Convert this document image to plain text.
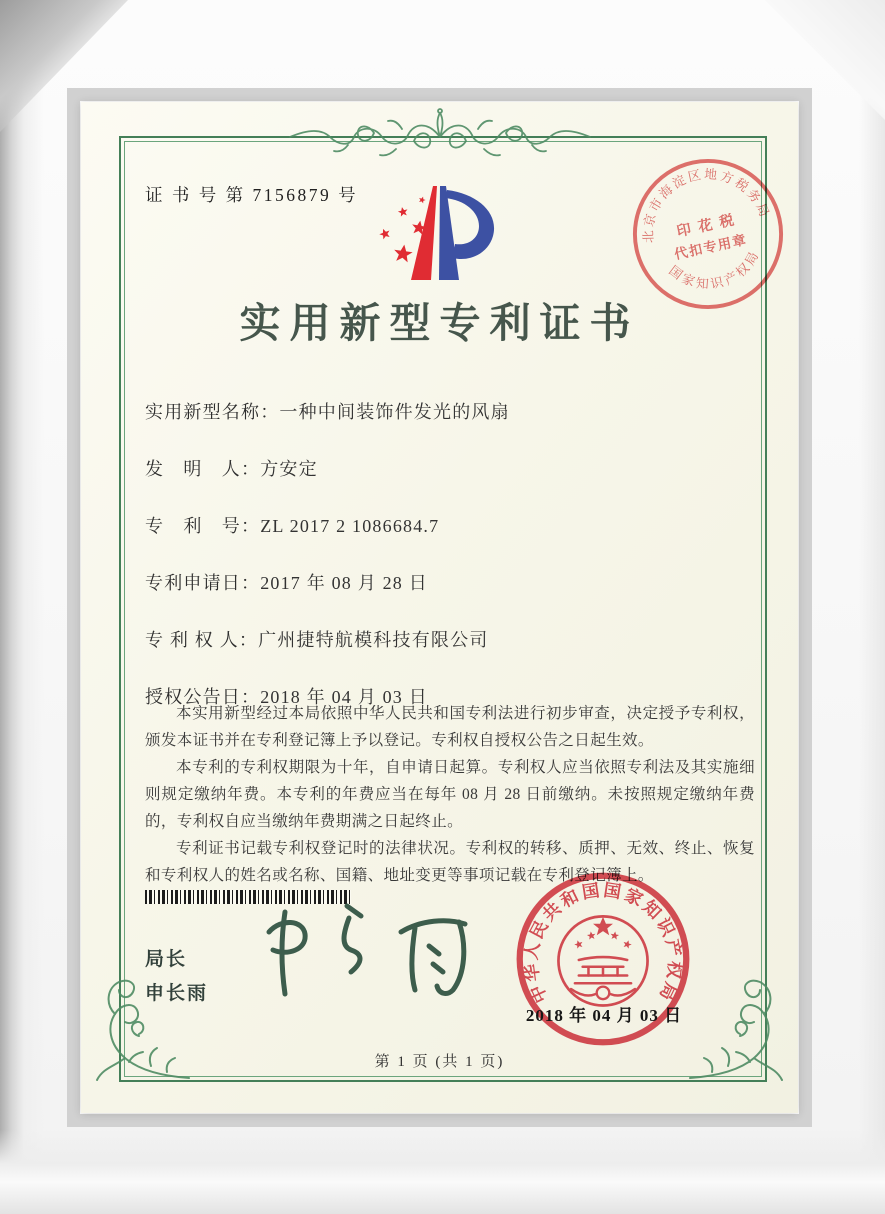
证 书 号 第 7156879 号
北京市海淀区地方税务局
国家知识产权局
印 花 税
代扣专用章
实用新型专利证书
实用新型名称：一种中间装饰件发光的风扇
发　明　人：方安定
专　利　号：ZL 2017 2 1086684.7
专利申请日：2017 年 08 月 28 日
专 利 权 人：广州捷特航模科技有限公司
授权公告日：2018 年 04 月 03 日

本实用新型经过本局依照中华人民共和国专利法进行初步审查，决定授予专利权，颁发本证书并在专利登记簿上予以登记。专利权自授权公告之日起生效。

本专利的专利权期限为十年，自申请日起算。专利权人应当依照专利法及其实施细则规定缴纳年费。本专利的年费应当在每年 08 月 28 日前缴纳。未按照规定缴纳年费的，专利权自应当缴纳年费期满之日起终止。

专利证书记载专利权登记时的法律状况。专利权的转移、质押、无效、终止、恢复和专利权人的姓名或名称、国籍、地址变更等事项记载在专利登记簿上。

局长
申长雨	中华人民共和国国家知识产权局
2018 年 04 月 03 日
第 1 页 (共 1 页)
